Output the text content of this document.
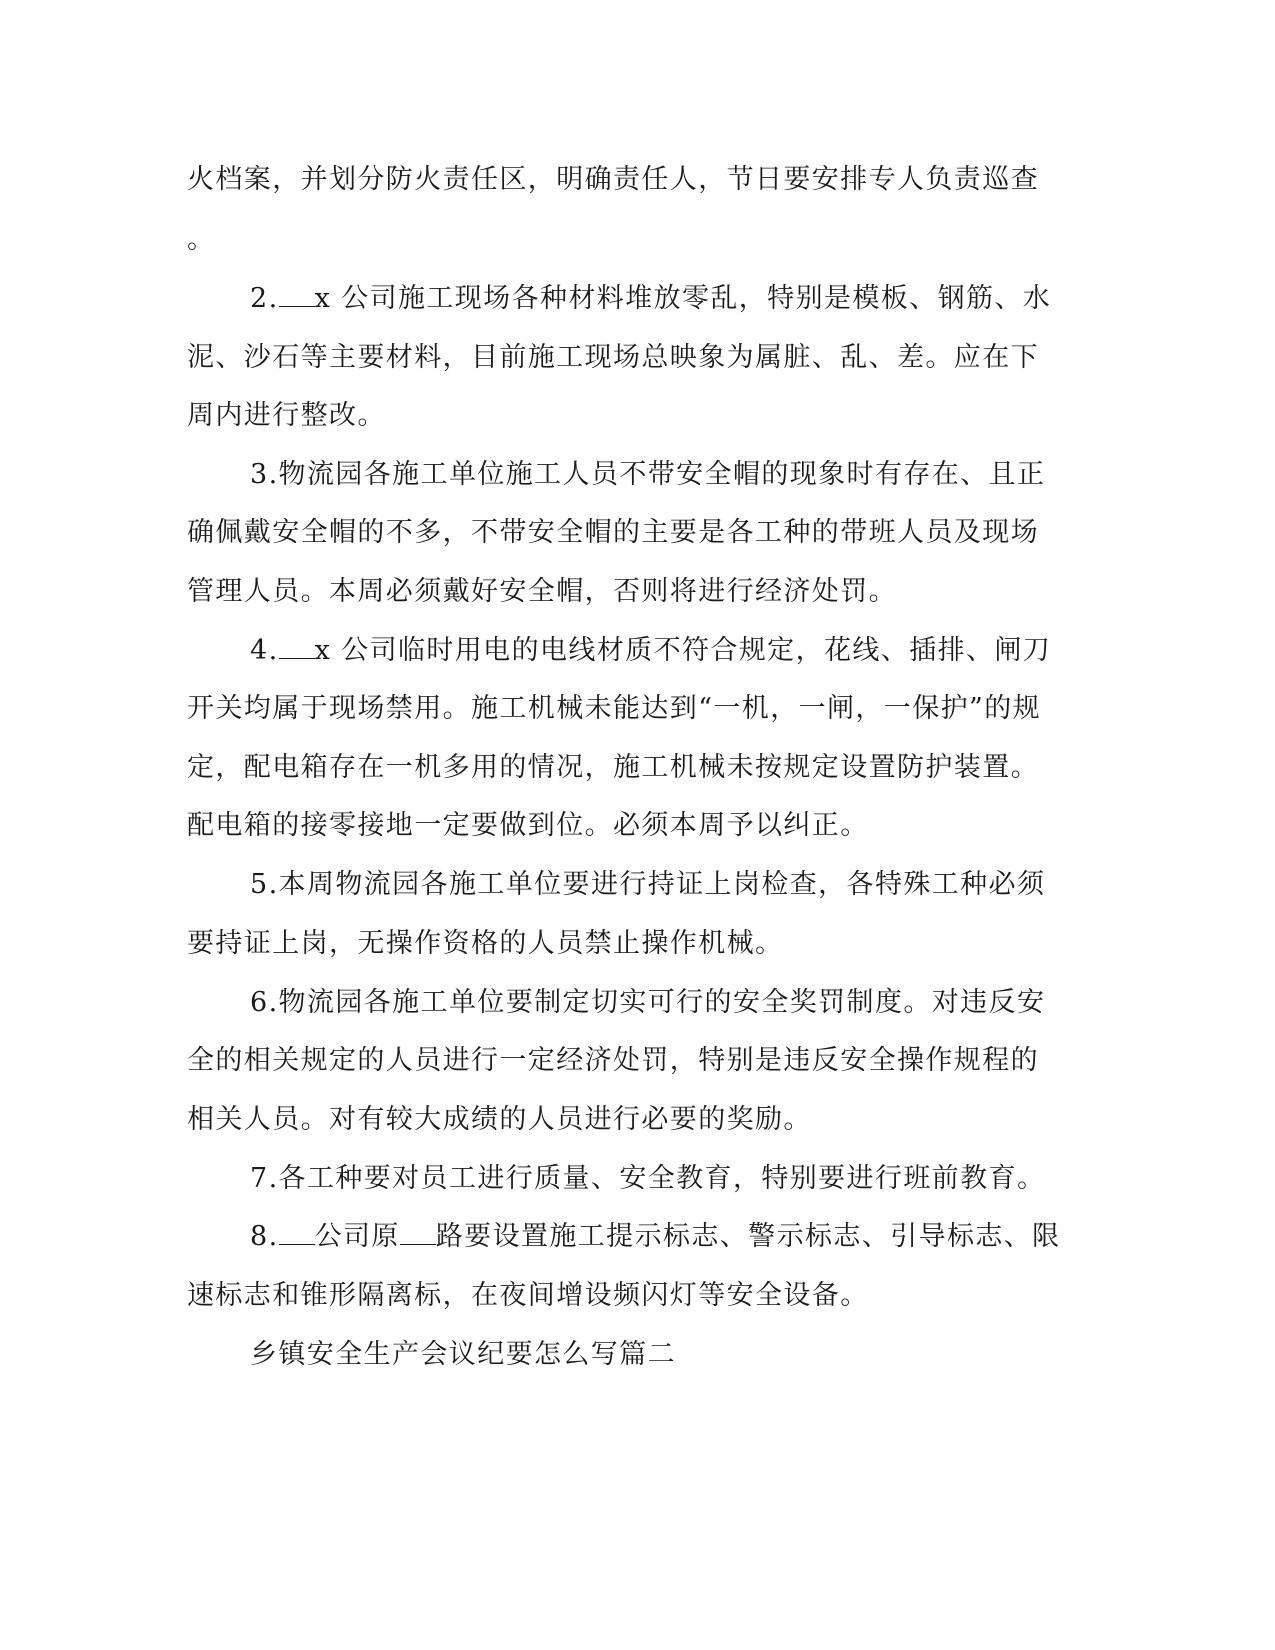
火档案，并划分防火责任区，明确责任人，节日要安排专人负责巡查
。
2. x 公司施工现场各种材料堆放零乱，特别是模板、钢筋、水
泥、沙石等主要材料，目前施工现场总映象为属脏、乱、差。应在下
周内进行整改。
3.物流园各施工单位施工人员不带安全帽的现象时有存在、且正
确佩戴安全帽的不多，不带安全帽的主要是各工种的带班人员及现场
管理人员。本周必须戴好安全帽，否则将进行经济处罚。
4. x 公司临时用电的电线材质不符合规定，花线、插排、闸刀
开关均属于现场禁用。施工机械未能达到“一机，一闸，一保护”的规
定，配电箱存在一机多用的情况，施工机械未按规定设置防护装置。
配电箱的接零接地一定要做到位。必须本周予以纠正。
5.本周物流园各施工单位要进行持证上岗检查，各特殊工种必须
要持证上岗，无操作资格的人员禁止操作机械。
6.物流园各施工单位要制定切实可行的安全奖罚制度。对违反安
全的相关规定的人员进行一定经济处罚，特别是违反安全操作规程的
相关人员。对有较大成绩的人员进行必要的奖励。
7.各工种要对员工进行质量、安全教育，特别要进行班前教育。
8. 公司原 路要设置施工提示标志、警示标志、引导标志、限
速标志和锥形隔离标，在夜间增设频闪灯等安全设备。
乡镇安全生产会议纪要怎么写篇二
